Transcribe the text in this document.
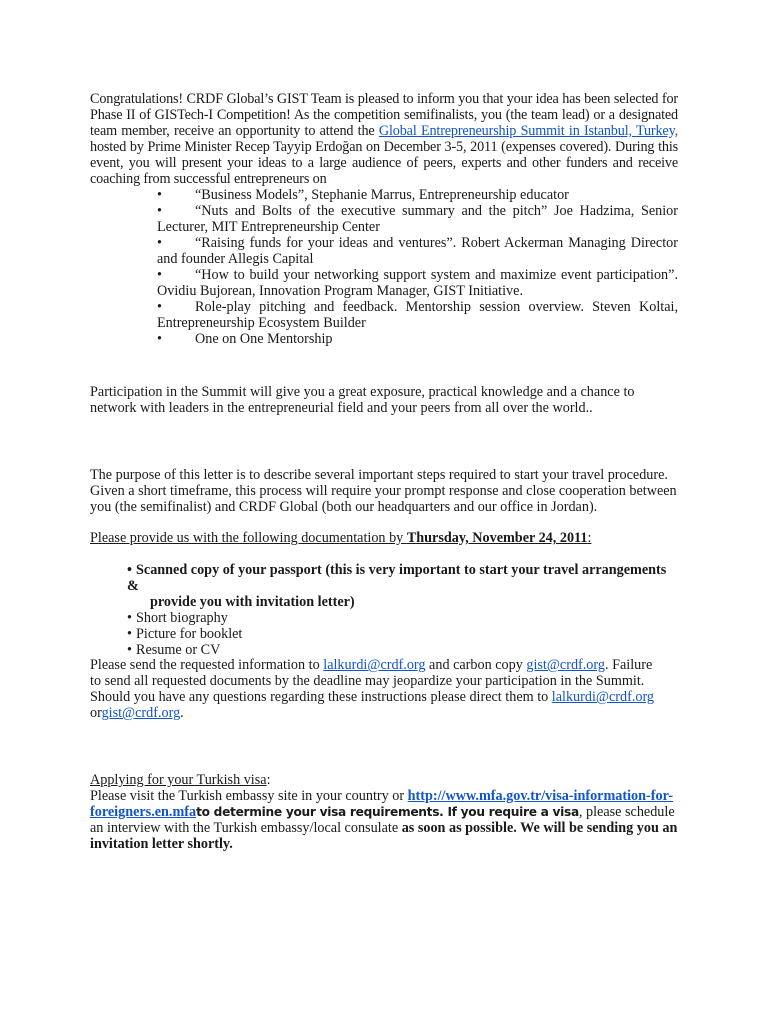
Congratulations! CRDF Global’s GIST Team is pleased to inform you that your idea has been selected for Phase II of GISTech-I Competition! As the competition semifinalists, you (the team lead) or a designated team member, receive an opportunity to attend the Global Entrepreneurship Summit in Istanbul, Turkey, hosted by Prime Minister Recep Tayyip Erdoğan on December 3-5, 2011 (expenses covered). During this event, you will present your ideas to a large audience of peers, experts and other funders and receive coaching from successful entrepreneurs on

• “Business Models”, Stephanie Marrus, Entrepreneurship educator
• “Nuts and Bolts of the executive summary and the pitch” Joe Hadzima, Senior Lecturer, MIT Entrepreneurship Center
• “Raising funds for your ideas and ventures”. Robert Ackerman Managing Director and founder Allegis Capital
• “How to build your networking support system and maximize event participation”. Ovidiu Bujorean, Innovation Program Manager, GIST Initiative.
• Role-play pitching and feedback. Mentorship session overview. Steven Koltai, Entrepreneurship Ecosystem Builder
• One on One Mentorship

Participation in the Summit will give you a great exposure, practical knowledge and a chance to network with leaders in the entrepreneurial field and your peers from all over the world..

The purpose of this letter is to describe several important steps required to start your travel procedure. Given a short timeframe, this process will require your prompt response and close cooperation between you (the semifinalist) and CRDF Global (both our headquarters and our office in Jordan).

Please provide us with the following documentation by Thursday, November 24, 2011:

• Scanned copy of your passport (this is very important to start your travel arrangements &
provide you with invitation letter)
• Short biography
• Picture for booklet
• Resume or CV

Please send the requested information to lalkurdi@crdf.org and carbon copy gist@crdf.org. Failure to send all requested documents by the deadline may jeopardize your participation in the Summit. Should you have any questions regarding these instructions please direct them to lalkurdi@crdf.org orgist@crdf.org.

Applying for your Turkish visa:
Please visit the Turkish embassy site in your country or http://www.mfa.gov.tr/visa-information-for-foreigners.en.mfato determine your visa requirements. If you require a visa, please schedule an interview with the Turkish embassy/local consulate as soon as possible. We will be sending you an invitation letter shortly.
